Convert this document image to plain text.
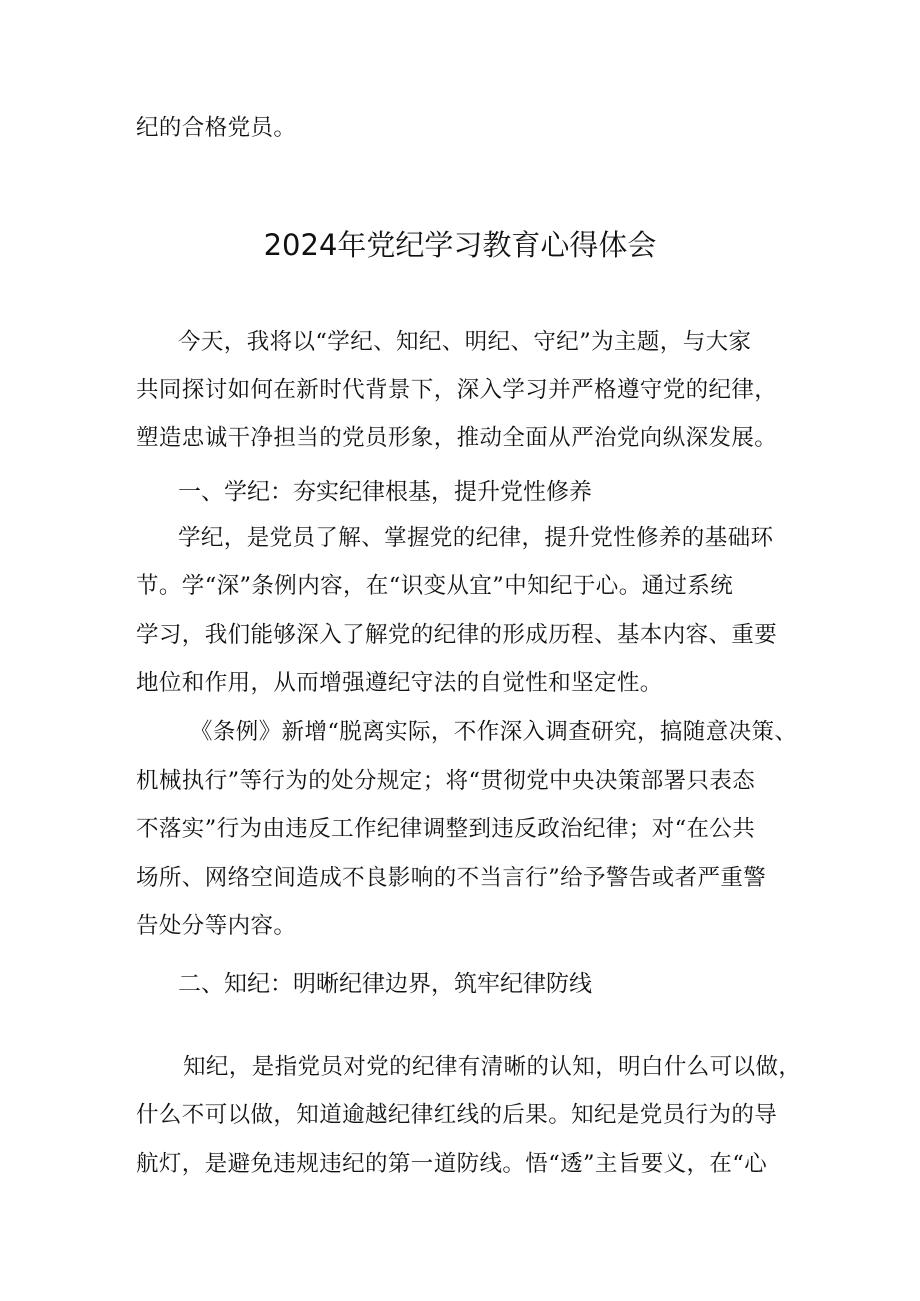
纪的合格党员。
2024年党纪学习教育心得体会
今天，我将以“学纪、知纪、明纪、守纪”为主题，与大家
共同探讨如何在新时代背景下，深入学习并严格遵守党的纪律，
塑造忠诚干净担当的党员形象，推动全面从严治党向纵深发展。
一、学纪：夯实纪律根基，提升党性修养
学纪，是党员了解、掌握党的纪律，提升党性修养的基础环
节。学“深”条例内容，在“识变从宜”中知纪于心。通过系统
学习，我们能够深入了解党的纪律的形成历程、基本内容、重要
地位和作用，从而增强遵纪守法的自觉性和坚定性。
《条例》新增“脱离实际，不作深入调查研究，搞随意决策、
机械执行”等行为的处分规定；将“贯彻党中央决策部署只表态
不落实”行为由违反工作纪律调整到违反政治纪律；对“在公共
场所、网络空间造成不良影响的不当言行”给予警告或者严重警
告处分等内容。
二、知纪：明晰纪律边界，筑牢纪律防线
知纪，是指党员对党的纪律有清晰的认知，明白什么可以做，
什么不可以做，知道逾越纪律红线的后果。知纪是党员行为的导
航灯，是避免违规违纪的第一道防线。悟“透”主旨要义，在“心
